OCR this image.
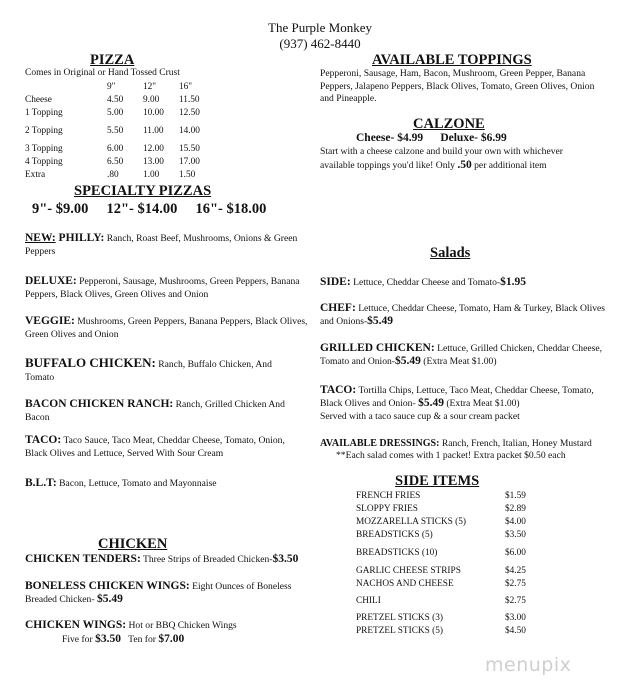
The Purple Monkey
(937) 462-8440
PIZZA
Comes in Original or Hand Tossed Crust
	9"	12"	16"
Cheese	4.50	9.00	11.50
1 Topping	5.00	10.00	12.50

2 Topping	5.50	11.00	14.00

3 Topping	6.00	12.00	15.50
4 Topping	6.50	13.00	17.00
Extra	.80	1.00	1.50
SPECIALTY PIZZAS
9"- $9.00     12"- $14.00     16"- $18.00
NEW: PHILLY: Ranch, Roast Beef, Mushrooms, Onions & Green Peppers
DELUXE: Pepperoni, Sausage, Mushrooms, Green Peppers, Banana Peppers, Black Olives, Green Olives and Onion
VEGGIE: Mushrooms, Green Peppers, Banana Peppers, Black Olives, Green Olives and Onion
BUFFALO CHICKEN: Ranch, Buffalo Chicken, And Tomato
BACON CHICKEN RANCH: Ranch, Grilled Chicken And Bacon
TACO: Taco Sauce, Taco Meat, Cheddar Cheese, Tomato, Onion, Black Olives and Lettuce, Served With Sour Cream
B.L.T: Bacon, Lettuce, Tomato and Mayonnaise
CHICKEN
CHICKEN TENDERS: Three Strips of Breaded Chicken-$3.50
BONELESS CHICKEN WINGS: Eight Ounces of Boneless Breaded Chicken- $5.49
CHICKEN WINGS: Hot or BBQ Chicken Wings
Five for $3.50 Ten for $7.00
AVAILABLE TOPPINGS
Pepperoni, Sausage, Ham, Bacon, Mushroom, Green Pepper, Banana Peppers, Jalapeno Peppers, Black Olives, Tomato, Green Olives, Onion and Pineapple.
CALZONE
Cheese- $4.99 Deluxe- $6.99
Start with a cheese calzone and build your own with whichever available toppings you'd like! Only .50 per additional item
Salads
SIDE: Lettuce, Cheddar Cheese and Tomato-$1.95
CHEF: Lettuce, Cheddar Cheese, Tomato, Ham & Turkey, Black Olives and Onions-$5.49
GRILLED CHICKEN: Lettuce, Grilled Chicken, Cheddar Cheese, Tomato and Onion-$5.49 (Extra Meat $1.00)
TACO: Tortilla Chips, Lettuce, Taco Meat, Cheddar Cheese, Tomato, Black Olives and Onion- $5.49 (Extra Meat $1.00)
Served with a taco sauce cup & a sour cream packet
AVAILABLE DRESSINGS: Ranch, French, Italian, Honey Mustard
**Each salad comes with 1 packet! Extra packet $0.50 each
SIDE ITEMS
FRENCH FRIES	$1.59
SLOPPY FRIES	$2.89
MOZZARELLA STICKS (5)	$4.00
BREADSTICKS (5)	$3.50

BREADSTICKS (10)	$6.00

GARLIC CHEESE STRIPS	$4.25
NACHOS AND CHEESE	$2.75

CHILI	$2.75

PRETZEL STICKS (3)	$3.00
PRETZEL STICKS (5)	$4.50
menupix
